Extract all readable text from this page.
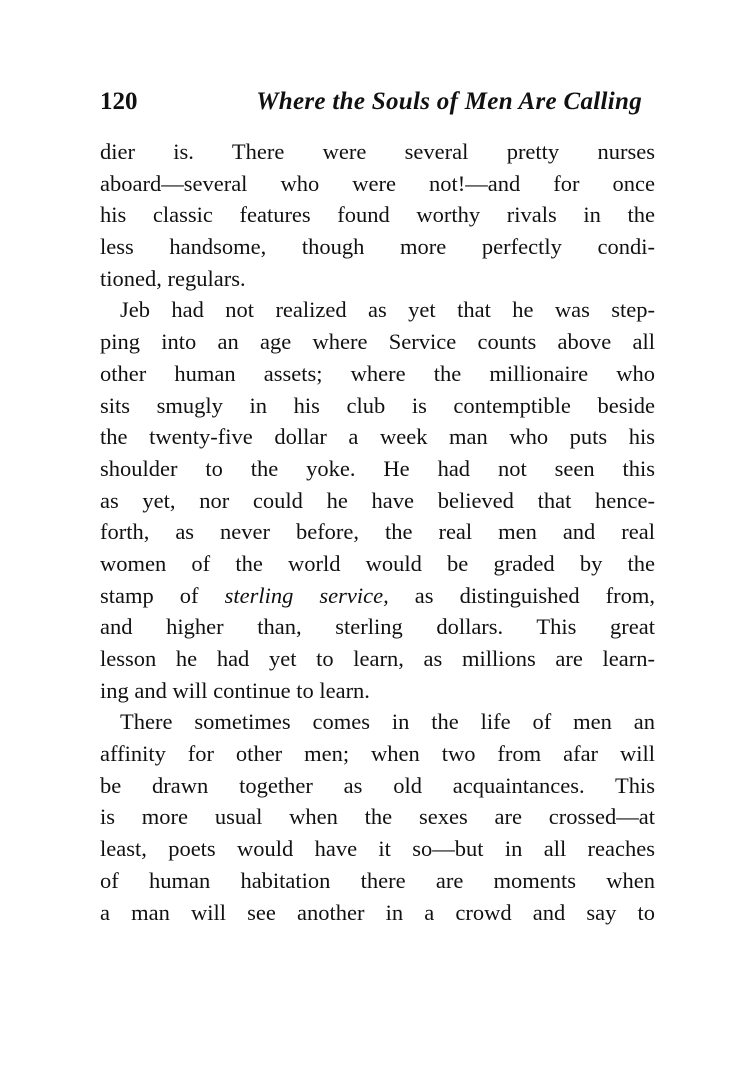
120	Where the Souls of Men Are Calling
dier is. There were several pretty nurses
aboard—several who were not!—and for once
his classic features found worthy rivals in the
less handsome, though more perfectly condi-
tioned, regulars.
Jeb had not realized as yet that he was step-
ping into an age where Service counts above all
other human assets; where the millionaire who
sits smugly in his club is contemptible beside
the twenty-five dollar a week man who puts his
shoulder to the yoke. He had not seen this
as yet, nor could he have believed that hence-
forth, as never before, the real men and real
women of the world would be graded by the
stamp of sterling service, as distinguished from,
and higher than, sterling dollars. This great
lesson he had yet to learn, as millions are learn-
ing and will continue to learn.
There sometimes comes in the life of men an
affinity for other men; when two from afar will
be drawn together as old acquaintances. This
is more usual when the sexes are crossed—at
least, poets would have it so—but in all reaches
of human habitation there are moments when
a man will see another in a crowd and say to
